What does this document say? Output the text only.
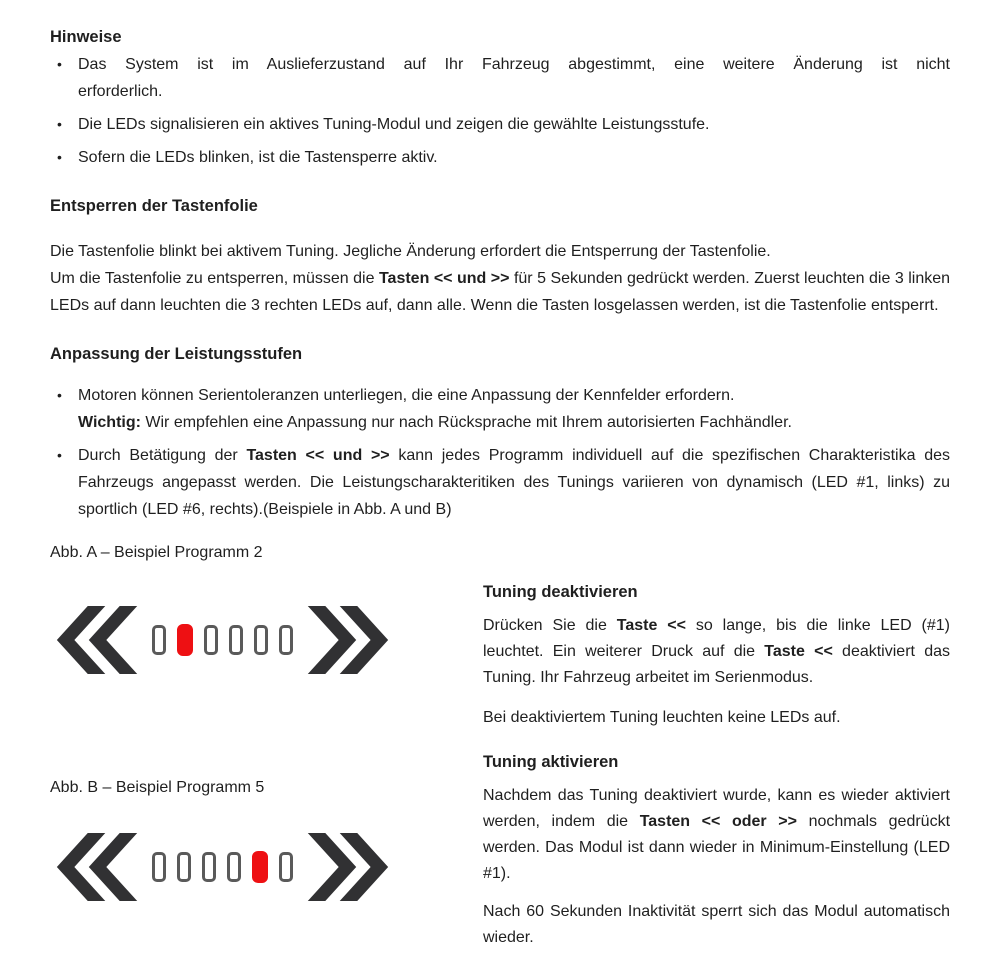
Hinweise
• Das System ist im Auslieferzustand auf Ihr Fahrzeug abgestimmt, eine weitere Änderung ist nicht
erforderlich.
• Die LEDs signalisieren ein aktives Tuning-Modul und zeigen die gewählte Leistungsstufe.
• Sofern die LEDs blinken, ist die Tastensperre aktiv.
Entsperren der Tastenfolie
Die Tastenfolie blinkt bei aktivem Tuning. Jegliche Änderung erfordert die Entsperrung der Tastenfolie.
Um die Tastenfolie zu entsperren, müssen die Tasten << und >> für 5 Sekunden gedrückt werden. Zuerst leuchten die 3 linken LEDs auf dann leuchten die 3 rechten LEDs auf, dann alle. Wenn die Tasten losgelassen werden, ist die Tastenfolie entsperrt.
Anpassung der Leistungsstufen
• Motoren können Serientoleranzen unterliegen, die eine Anpassung der Kennfelder erfordern.
Wichtig: Wir empfehlen eine Anpassung nur nach Rücksprache mit Ihrem autorisierten Fachhändler.
• Durch Betätigung der Tasten << und >> kann jedes Programm individuell auf die spezifischen Charakteristika des Fahrzeugs angepasst werden. Die Leistungscharakteritiken des Tunings variieren von dynamisch (LED #1, links) zu sportlich (LED #6, rechts).(Beispiele in Abb. A und B)
Abb. A – Beispiel Programm 2
Abb. B – Beispiel Programm 5
Tuning deaktivieren
Drücken Sie die Taste << so lange, bis die linke LED (#1) leuchtet. Ein weiterer Druck auf die Taste << deaktiviert das Tuning. Ihr Fahrzeug arbeitet im Serienmodus.
Bei deaktiviertem Tuning leuchten keine LEDs auf.
Tuning aktivieren
Nachdem das Tuning deaktiviert wurde, kann es wieder aktiviert werden, indem die Tasten << oder >> nochmals gedrückt werden. Das Modul ist dann wieder in Minimum-Einstellung (LED #1).
Nach 60 Sekunden Inaktivität sperrt sich das Modul automatisch wieder.
